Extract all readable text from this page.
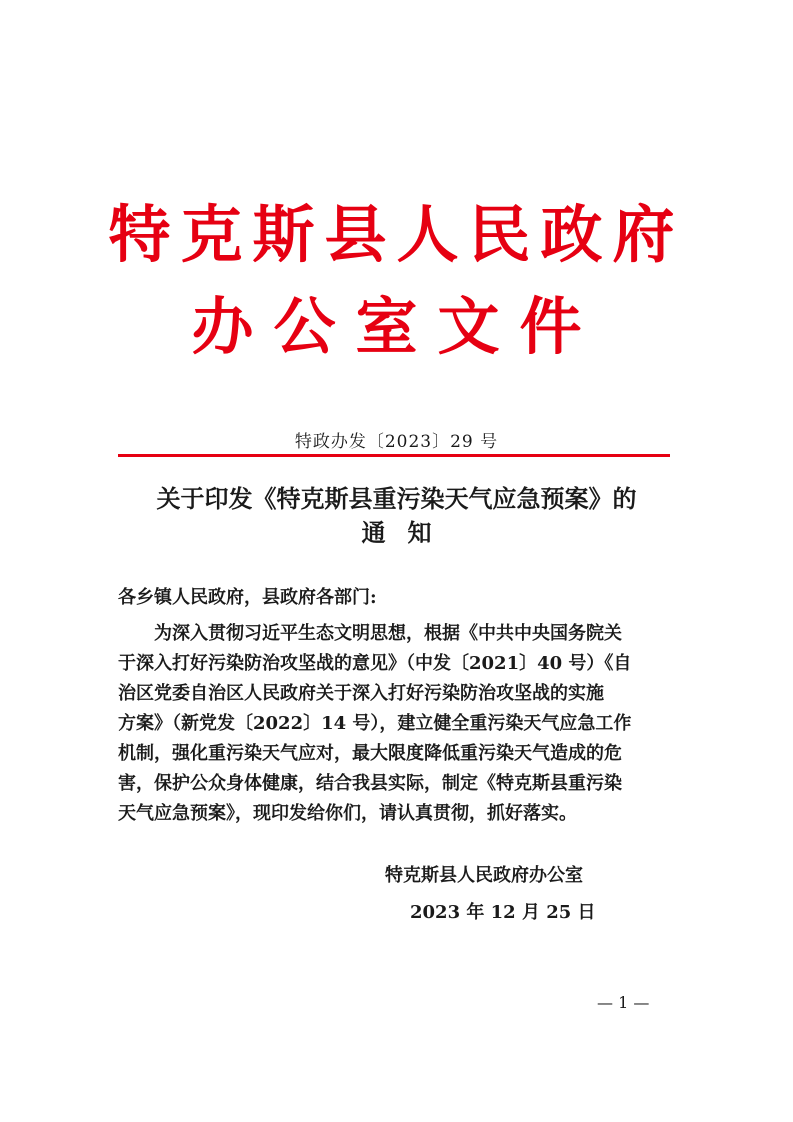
特克斯县人民政府
办公室文件
特政办发〔2023〕29 号
关于印发《特克斯县重污染天气应急预案》的
通知
各乡镇人民政府，县政府各部门:
　　为深入贯彻习近平生态文明思想，根据《中共中央国务院关
于深入打好污染防治攻坚战的意见》（中发〔2021〕40 号）《自
治区党委自治区人民政府关于深入打好污染防治攻坚战的实施
方案》（新党发〔2022〕14 号），建立健全重污染天气应急工作
机制，强化重污染天气应对，最大限度降低重污染天气造成的危
害，保护公众身体健康，结合我县实际，制定《特克斯县重污染
天气应急预案》，现印发给你们，请认真贯彻，抓好落实。
特克斯县人民政府办公室
2023 年 12 月 25 日
— 1 —
